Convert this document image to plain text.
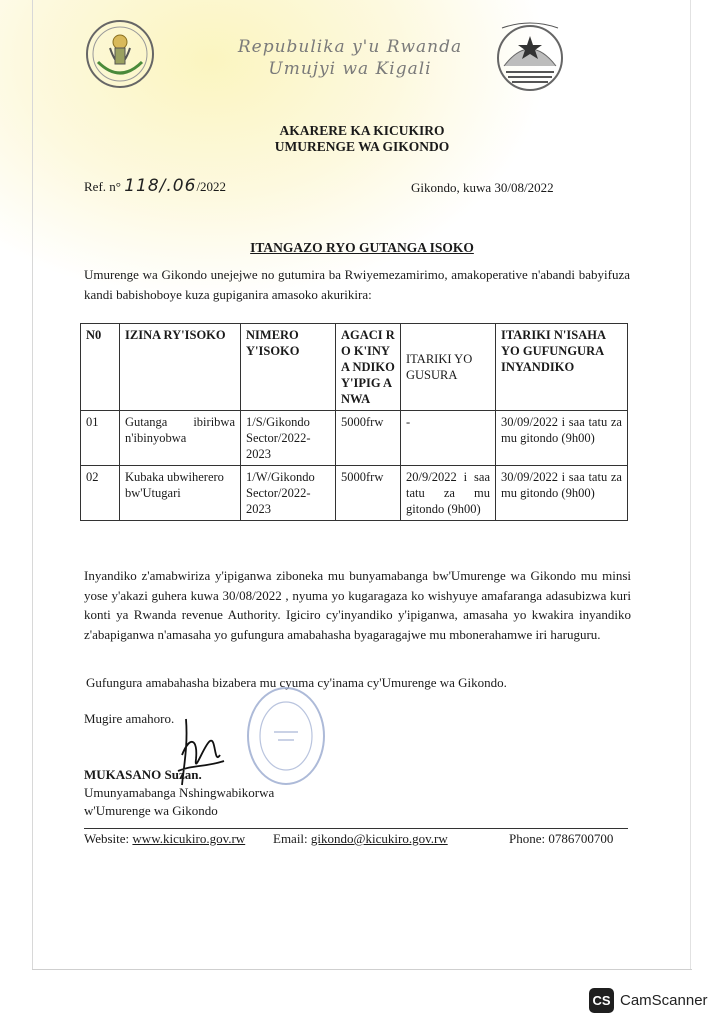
Repubulika y'u Rwanda
Umujyi wa Kigali
AKARERE KA KICUKIRO
UMURENGE WA GIKONDO
Ref. n° 118/.06/2022	Gikondo, kuwa 30/08/2022
ITANGAZO RYO GUTANGA ISOKO
Umurenge wa Gikondo unejejwe no gutumira ba Rwiyemezamirimo, amakoperative n'abandi babyifuza kandi babishoboye kuza gupiganira amasoko akurikira:
N0	IZINA RY'ISOKO	NIMERO Y'ISOKO	AGACI RO K'INYA NDIKO Y'IPIG ANWA	ITARIKI YO GUSURA	ITARIKI N'ISAHA YO GUFUNGURA INYANDIKO
01	Gutanga ibiribwa n'ibinyobwa	1/S/Gikondo Sector/2022-2023	5000frw	-	30/09/2022 i saa tatu za mu gitondo (9h00)
02	Kubaka ubwiherero bw'Utugari	1/W/Gikondo Sector/2022-2023	5000frw	20/9/2022 i saa tatu za mu gitondo (9h00)	30/09/2022 i saa tatu za mu gitondo (9h00)
Inyandiko z'amabwiriza y'ipiganwa ziboneka mu bunyamabanga bw'Umurenge wa Gikondo mu minsi yose y'akazi guhera kuwa 30/08/2022 , nyuma yo kugaragaza ko wishyuye amafaranga adasubizwa kuri konti ya Rwanda revenue Authority. Igiciro cy'inyandiko y'ipiganwa, amasaha yo kwakira inyandiko z'abapiganwa n'amasaha yo gufungura amabahasha byagaragajwe mu mbonerahamwe iri haruguru.
Gufungura amabahasha bizabera mu cyuma cy'inama cy'Umurenge wa Gikondo.
Mugire amahoro.
MUKASANO Suzan.
Umunyamabanga Nshingwabikorwa
w'Umurenge wa Gikondo
Website: www.kicukiro.gov.rw Email: gikondo@kicukiro.gov.rw	Phone: 0786700700
CS CamScanner
